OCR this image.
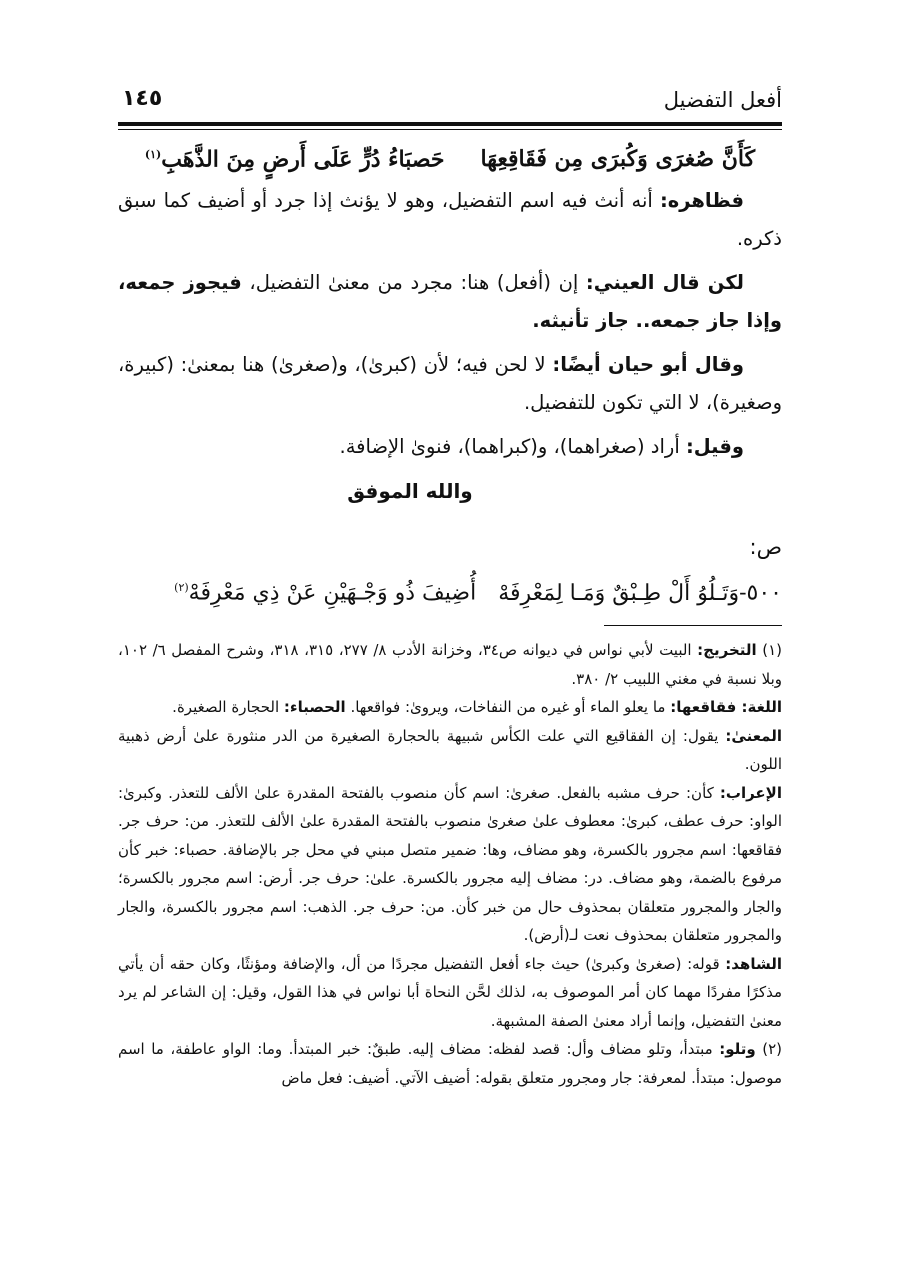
أفعل التفضيل
١٤٥
كَأَنَّ صُغرَى وَكُبرَى مِن فَقَاقِعِهَاحَصبَاءُ دُرٍّ عَلَى أَرضٍ مِنَ الذَّهَبِ$^{(١)}$

فظاهره: أنه أنث فيه اسم التفضيل، وهو لا يؤنث إذا جرد أو أضيف كما سبق ذكره.

لكن قال العيني: إن (أفعل) هنا: مجرد من معنىٰ التفضيل، فيجوز جمعه، وإذا جاز جمعه.. جاز تأنيثه.

وقال أبو حيان أيضًا: لا لحن فيه؛ لأن (كبرىٰ)، و(صغرىٰ) هنا بمعنىٰ: (كبيرة، وصغيرة)، لا التي تكون للتفضيل.

وقيل: أراد (صغراهما)، و(كبراهما)، فنوىٰ الإضافة.

والله الموفق
ص:
٥٠٠-وَتَـلُوُ أَلْ طِـبْقٌ وَمَـا لِمَعْرِفَهْأُضِيفَ ذُو وَجْـهَيْنِ عَنْ ذِي مَعْرِفَهْ$^{(٢)}$

(١) التخريج: البيت لأبي نواس في ديوانه ص٣٤، وخزانة الأدب ٨/ ٢٧٧، ٣١٥، ٣١٨، وشرح المفصل ٦/ ١٠٢، وبلا نسبة في مغني اللبيب ٢/ ٣٨٠.

اللغة: فقاقعها: ما يعلو الماء أو غيره من النفاخات، ويروىٰ: فواقعها. الحصباء: الحجارة الصغيرة.

المعنىٰ: يقول: إن الفقاقيع التي علت الكأس شبيهة بالحجارة الصغيرة من الدر منثورة علىٰ أرض ذهبية اللون.

الإعراب: كأن: حرف مشبه بالفعل. صغرىٰ: اسم كأن منصوب بالفتحة المقدرة علىٰ الألف للتعذر. وكبرىٰ: الواو: حرف عطف، كبرىٰ: معطوف علىٰ صغرىٰ منصوب بالفتحة المقدرة علىٰ الألف للتعذر. من: حرف جر. فقاقعها: اسم مجرور بالكسرة، وهو مضاف، وها: ضمير متصل مبني في محل جر بالإضافة. حصباء: خبر كأن مرفوع بالضمة، وهو مضاف. در: مضاف إليه مجرور بالكسرة. علىٰ: حرف جر. أرض: اسم مجرور بالكسرة؛ والجار والمجرور متعلقان بمحذوف حال من خبر كأن. من: حرف جر. الذهب: اسم مجرور بالكسرة، والجار والمجرور متعلقان بمحذوف نعت لـ(أرض).

الشاهد: قوله: (صغرىٰ وكبرىٰ) حيث جاء أفعل التفضيل مجردًا من أل، والإضافة ومؤنثًا، وكان حقه أن يأتي مذكرًا مفردًا مهما كان أمر الموصوف به، لذلك لحَّن النحاة أبا نواس في هذا القول، وقيل: إن الشاعر لم يرد معنىٰ التفضيل، وإنما أراد معنىٰ الصفة المشبهة.

(٢) وتلو: مبتدأ، وتلو مضاف وأل: قصد لفظه: مضاف إليه. طبقٌ: خبر المبتدأ. وما: الواو عاطفة، ما اسم موصول: مبتدأ. لمعرفة: جار ومجرور متعلق بقوله: أضيف الآتي. أضيف: فعل ماض
